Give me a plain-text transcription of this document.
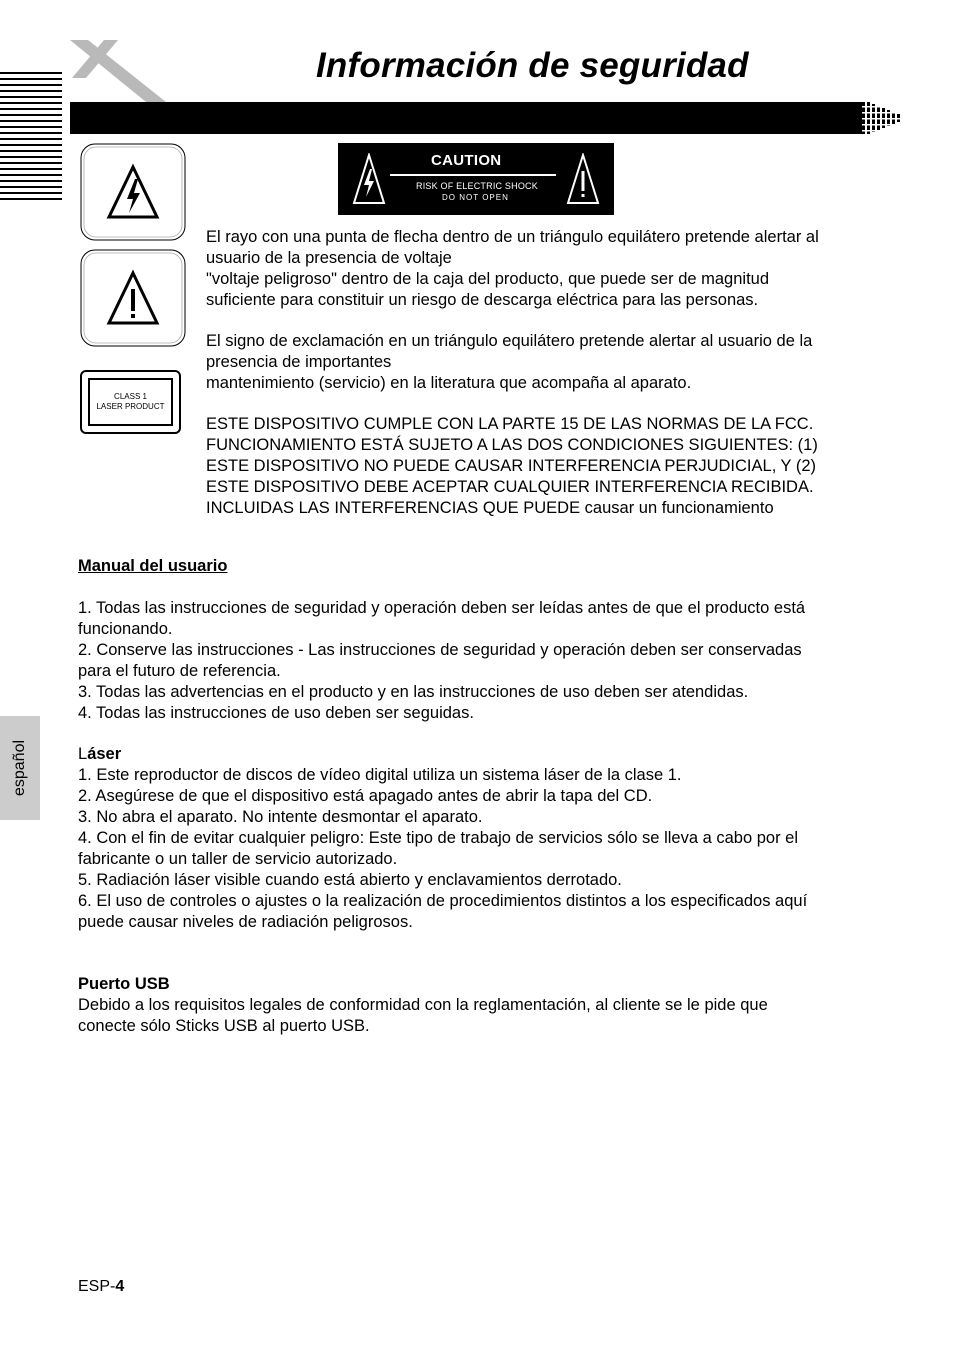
Información de seguridad
CAUTION
RISK OF ELECTRIC SHOCK
DO NOT OPEN
CLASS 1
LASER PRODUCT

El rayo con una punta de flecha dentro de un triángulo equilátero pretende alertar al

usuario de la presencia de voltaje

"voltaje peligroso" dentro de la caja del producto, que puede ser de magnitud

suficiente para constituir un riesgo de descarga eléctrica para las personas.

El signo de exclamación en un triángulo equilátero pretende alertar al usuario de la

presencia de importantes

mantenimiento (servicio) en la literatura que acompaña al aparato.

ESTE DISPOSITIVO CUMPLE CON LA PARTE 15 DE LAS NORMAS DE LA FCC.

FUNCIONAMIENTO ESTÁ SUJETO A LAS DOS CONDICIONES SIGUIENTES: (1)

ESTE DISPOSITIVO NO PUEDE CAUSAR INTERFERENCIA PERJUDICIAL, Y (2)

ESTE DISPOSITIVO DEBE ACEPTAR CUALQUIER INTERFERENCIA RECIBIDA.

INCLUIDAS LAS INTERFERENCIAS QUE PUEDE causar un funcionamiento

Manual del usuario

1. Todas las instrucciones de seguridad y operación deben ser leídas antes de que el producto está

funcionando.

2. Conserve las instrucciones - Las instrucciones de seguridad y operación deben ser conservadas

para el futuro de referencia.

3. Todas las advertencias en el producto y en las instrucciones de uso deben ser atendidas.

4. Todas las instrucciones de uso deben ser seguidas.

Láser

1. Este reproductor de discos de vídeo digital utiliza un sistema láser de la clase 1.

2. Asegúrese de que el dispositivo está apagado antes de abrir la tapa del CD.

3. No abra el aparato. No intente desmontar el aparato.

4. Con el fin de evitar cualquier peligro: Este tipo de trabajo de servicios sólo se lleva a cabo por el

fabricante o un taller de servicio autorizado.

5. Radiación láser visible cuando está abierto y enclavamientos derrotado.

6. El uso de controles o ajustes o la realización de procedimientos distintos a los especificados aquí

puede causar niveles de radiación peligrosos.

Puerto USB

Debido a los requisitos legales de conformidad con la reglamentación, al cliente se le pide que

conecte sólo Sticks USB al puerto USB.

español
ESP-4
